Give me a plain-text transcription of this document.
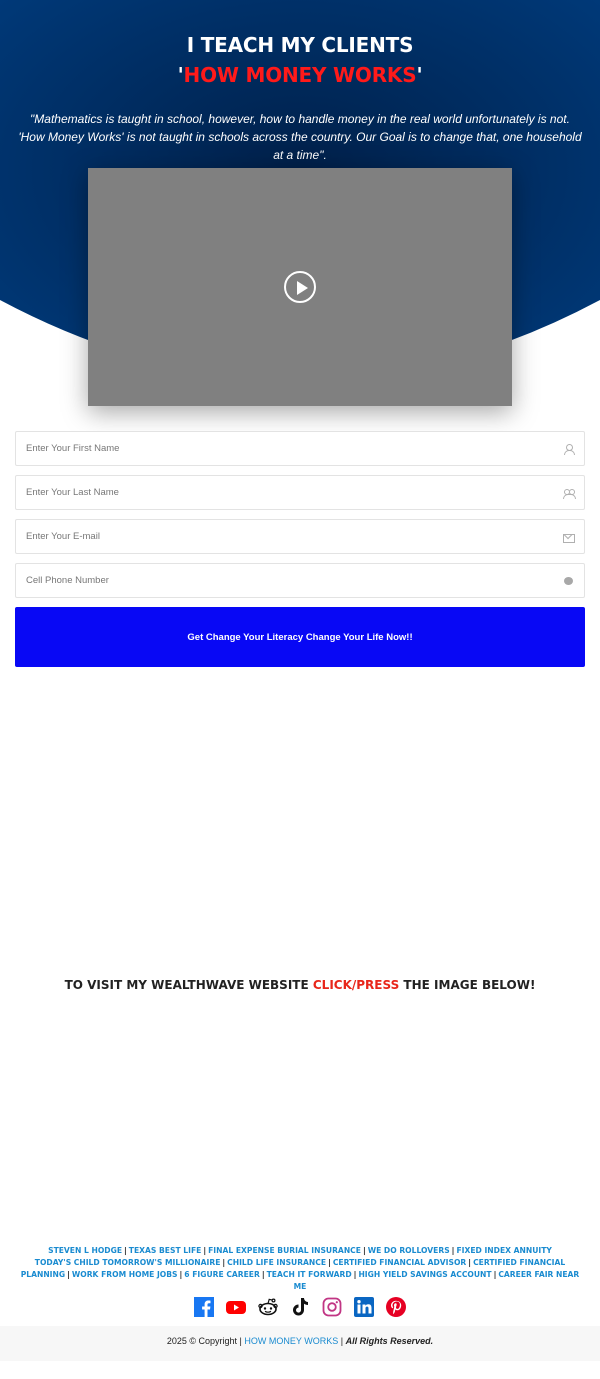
I TEACH MY CLIENTS
'HOW MONEY WORKS'

"Mathematics is taught in school, however, how to handle money in the real world unfortunately is not. 'How Money Works' is not taught in schools across the country. Our Goal is to change that, one household at a time".

Enter Your First Name
Enter Your Last Name
Enter Your E-mail
Cell Phone Number
Get Change Your Literacy Change Your Life Now!!
TO VISIT MY WEALTHWAVE WEBSITE CLICK/PRESS THE IMAGE BELOW!
STEVEN L HODGE | TEXAS BEST LIFE | FINAL EXPENSE BURIAL INSURANCE | WE DO ROLLOVERS | FIXED INDEX ANNUITY
TODAY'S CHILD TOMORROW'S MILLIONAIRE | CHILD LIFE INSURANCE | CERTIFIED FINANCIAL ADVISOR | CERTIFIED FINANCIAL PLANNING | WORK FROM HOME JOBS | 6 FIGURE CAREER | TEACH IT FORWARD | HIGH YIELD SAVINGS ACCOUNT | CAREER FAIR NEAR ME
2025 © Copyright | HOW MONEY WORKS | All Rights Reserved.
